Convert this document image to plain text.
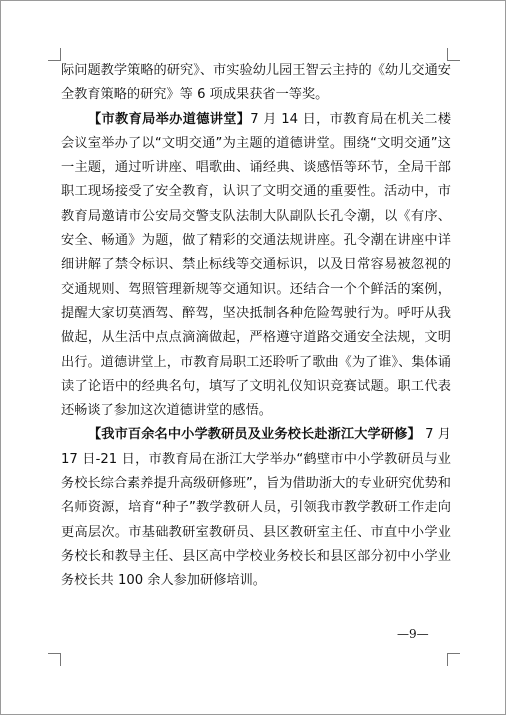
际问题教学策略的研究》、市实验幼儿园王智云主持的《幼儿交通安全教育策略的研究》等 6 项成果获省一等奖。

【市教育局举办道德讲堂】7 月 14 日，市教育局在机关二楼会议室举办了以“文明交通”为主题的道德讲堂。围绕“文明交通”这一主题，通过听讲座、唱歌曲、诵经典、谈感悟等环节，全局干部职工现场接受了安全教育，认识了文明交通的重要性。活动中，市教育局邀请市公安局交警支队法制大队副队长孔令潮，以《有序、安全、畅通》为题，做了精彩的交通法规讲座。孔令潮在讲座中详细讲解了禁令标识、禁止标线等交通标识，以及日常容易被忽视的交通规则、驾照管理新规等交通知识。还结合一个个鲜活的案例，提醒大家切莫酒驾、醉驾，坚决抵制各种危险驾驶行为。呼吁从我做起，从生活中点点滴滴做起，严格遵守道路交通安全法规，文明出行。道德讲堂上，市教育局职工还聆听了歌曲《为了谁》、集体诵读了论语中的经典名句，填写了文明礼仪知识竞赛试题。职工代表还畅谈了参加这次道德讲堂的感悟。

【我市百余名中小学教研员及业务校长赴浙江大学研修】 7 月 17 日-21 日，市教育局在浙江大学举办“鹤壁市中小学教研员与业务校长综合素养提升高级研修班”，旨为借助浙大的专业研究优势和名师资源，培育“种子”教学教研人员，引领我市教学教研工作走向更高层次。市基础教研室教研员、县区教研室主任、市直中小学业务校长和教导主任、县区高中学校业务校长和县区部分初中小学业务校长共 100 余人参加研修培训。

—9—
